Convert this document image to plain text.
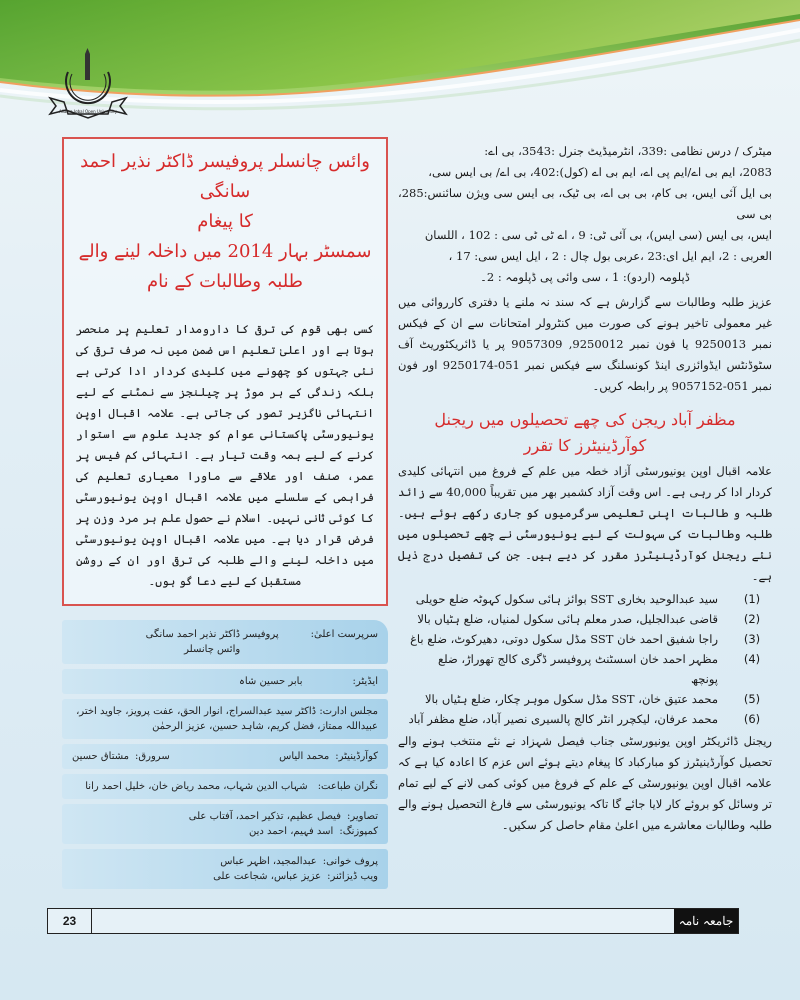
Allama Iqbal Open University
وائس چانسلر پروفیسر ڈاکٹر نذیر احمد سانگی
کا پیغام
سمسٹر بہار 2014 میں داخلہ لینے والے
طلبہ وطالبات کے نام

کسی بھی قوم کی ترقی کا دارومدار تعلیم پر منحصر ہوتا ہے اور اعلیٰ تعلیم اس ضمن میں نہ صرف ترقی کی نئی جہتوں کو چھونے میں کلیدی کردار ادا کرتی ہے بلکہ زندگی کے ہر موڑ پر چیلنجز سے نمٹنے کے لیے انتہائی ناگزیر تصور کی جاتی ہے۔ علامہ اقبال اوپن یونیورسٹی پاکستانی عوام کو جدید علوم سے استوار کرنے کے لیے ہمہ وقت تیار ہے۔ انتہائی کم فیس پر عمر، صنف اور علاقے سے ماورا معیاری تعلیم کی فراہمی کے سلسلے میں علامہ اقبال اوپن یونیورسٹی کا کوئی ثانی نہیں۔ اسلام نے حصول علم ہر مرد وزن پر فرض قرار دیا ہے۔ میں علامہ اقبال اوپن یونیورسٹی میں داخلہ لینے والے طلبہ کی ترقی اور ان کے روشن مستقبل کے لیے دعا گو ہوں۔

سرپرست اعلیٰ:
پروفیسر ڈاکٹر نذیر احمد سانگی
وائس چانسلر
ایڈیٹر:
بابر حسین شاہ
مجلس ادارت: ڈاکٹر سید عبدالسراج، انوار الحق، عفت پرویز، جاوید اختر، عبیداللہ ممتاز، فضل کریم، شاہد حسین، عزیز الرحمٰن
کوآرڈینیٹر:
محمد الیاس
سرورق:
مشتاق حسین
نگران طباعت:
شہاب الدین شہاب، محمد ریاض خان، خلیل احمد رانا
تصاویر:
فیصل عظیم، تذکیر احمد، آفتاب علی
کمپوزنگ:
اسد فہیم، احمد دین
پروف خوانی:
عبدالمجید، اظہر عباس
ویب ڈیزائنر:
عزیز عباس، شجاعت علی

میٹرک / درس نظامی :339، انٹرمیڈیٹ جنرل :3543، بی اے:

2083، ایم بی اے/ایم پی اے، ایم بی اے (کول):402، بی اے/ بی ایس سی،

بی ایل آئی ایس، بی کام، بی بی اے، بی ٹیک، بی ایس سی ویژن سائنس:285، بی سی

ایس، بی ایس (سی ایس)، بی آئی ٹی: 9 ، اے ٹی ٹی سی : 102 ، اللسان

العربی : 2، ایم ایل ای:23 ،عربی بول چال : 2 ، ایل ایس سی: 17 ،

ڈپلومہ (اردو): 1 ، سی وائی پی ڈپلومہ : 2۔

عزیز طلبہ وطالبات سے گزارش ہے کہ سند نہ ملنے یا دفتری کارروائی میں غیر معمولی تاخیر ہونے کی صورت میں کنٹرولر امتحانات سے ان کے فیکس نمبر 9250013 یا فون نمبر 9250012, 9057309 پر یا ڈائریکٹوریٹ آف سٹوڈنٹس ایڈوائزری اینڈ کونسلنگ سے فیکس نمبر 051-9250174 اور فون نمبر 051-9057152 پر رابطہ کریں۔

مظفر آباد ریجن کی چھے تحصیلوں میں ریجنل کوآرڈینیٹرز کا تقرر

علامہ اقبال اوپن یونیورسٹی آزاد خطہ میں علم کے فروغ میں انتہائی کلیدی کردار ادا کر رہی ہے۔ اس وقت آزاد کشمیر بھر میں تقریباً 40,000 سے زائد طلبہ و طالبات اپنی تعلیمی سرگرمیوں کو جاری رکھے ہوئے ہیں۔ طلبہ وطالبات کی سہولت کے لیے یونیورسٹی نے چھے تحصیلوں میں نئے ریجنل کوآرڈینیٹرز مقرر کر دیے ہیں۔ جن کی تفصیل درج ذیل ہے۔

(1)
سید عبدالوحید بخاری SST بوائز ہائی سکول کہوٹہ ضلع حویلی
(2)
قاضی عبدالجلیل، صدر معلم ہائی سکول لمنیاں، ضلع ہٹیاں بالا
(3)
راجا شفیق احمد خان SST مڈل سکول دوتی، دھیرکوٹ، ضلع باغ
(4)
مظہر احمد خان اسسٹنٹ پروفیسر ڈگری کالج تھوراڑ، ضلع پونچھ
(5)
محمد عتیق خان، SST مڈل سکول موہر چکار، ضلع ہٹیاں بالا
(6)
محمد عرفان، لیکچرر انٹر کالج پالسیری نصیر آباد، ضلع مظفر آباد

ریجنل ڈائریکٹر اوپن یونیورسٹی جناب فیصل شہزاد نے نئے منتخب ہونے والے تحصیل کوآرڈینیٹرز کو مبارکباد کا پیغام دیتے ہوئے اس عزم کا اعادہ کیا ہے کہ علامہ اقبال اوپن یونیورسٹی کے علم کے فروغ میں کوئی کمی لانے کے لیے تمام تر وسائل کو بروئے کار لایا جائے گا تاکہ یونیورسٹی سے فارغ التحصیل ہونے والے طلبہ وطالبات معاشرے میں اعلیٰ مقام حاصل کر سکیں۔

23	جامعہ نامہ
